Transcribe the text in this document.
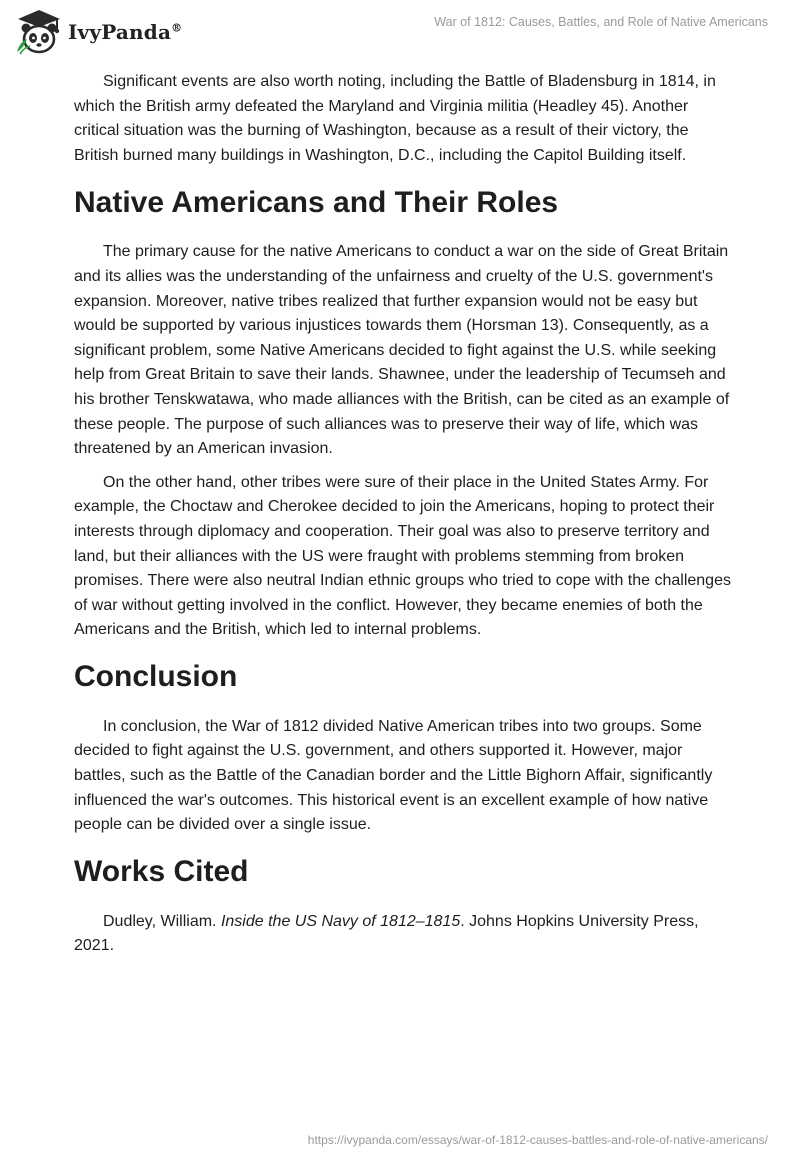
IvyPanda®	War of 1812: Causes, Battles, and Role of Native Americans

Significant events are also worth noting, including the Battle of Bladensburg in 1814, in which the British army defeated the Maryland and Virginia militia (Headley 45). Another critical situation was the burning of Washington, because as a result of their victory, the British burned many buildings in Washington, D.C., including the Capitol Building itself.

Native Americans and Their Roles

The primary cause for the native Americans to conduct a war on the side of Great Britain and its allies was the understanding of the unfairness and cruelty of the U.S. government's expansion. Moreover, native tribes realized that further expansion would not be easy but would be supported by various injustices towards them (Horsman 13). Consequently, as a significant problem, some Native Americans decided to fight against the U.S. while seeking help from Great Britain to save their lands. Shawnee, under the leadership of Tecumseh and his brother Tenskwatawa, who made alliances with the British, can be cited as an example of these people. The purpose of such alliances was to preserve their way of life, which was threatened by an American invasion.

On the other hand, other tribes were sure of their place in the United States Army. For example, the Choctaw and Cherokee decided to join the Americans, hoping to protect their interests through diplomacy and cooperation. Their goal was also to preserve territory and land, but their alliances with the US were fraught with problems stemming from broken promises. There were also neutral Indian ethnic groups who tried to cope with the challenges of war without getting involved in the conflict. However, they became enemies of both the Americans and the British, which led to internal problems.

Conclusion

In conclusion, the War of 1812 divided Native American tribes into two groups. Some decided to fight against the U.S. government, and others supported it. However, major battles, such as the Battle of the Canadian border and the Little Bighorn Affair, significantly influenced the war's outcomes. This historical event is an excellent example of how native people can be divided over a single issue.

Works Cited

Dudley, William. Inside the US Navy of 1812–1815. Johns Hopkins University Press, 2021.

https://ivypanda.com/essays/war-of-1812-causes-battles-and-role-of-native-americans/
